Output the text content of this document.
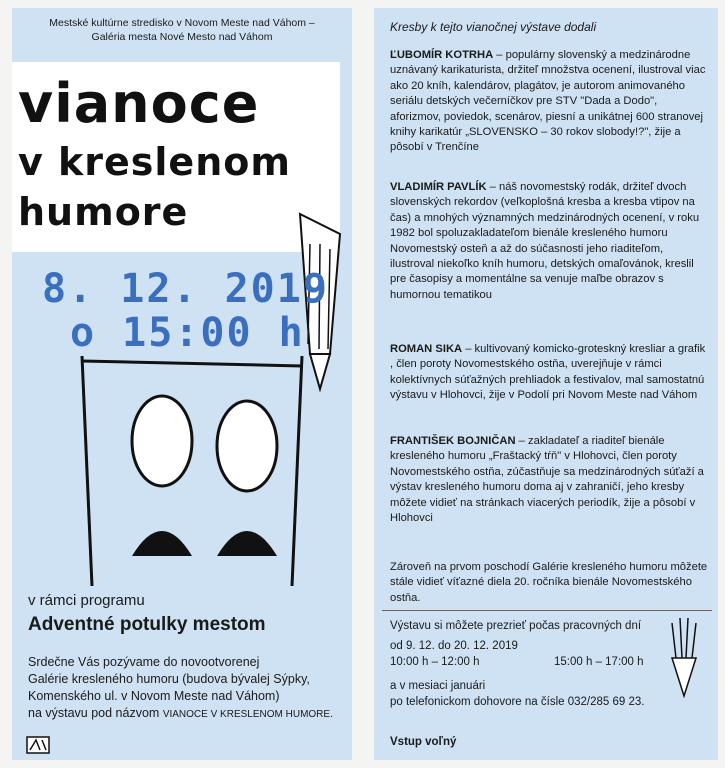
Mestské kultúrne stredisko v Novom Meste nad Váhom –
Galéria mesta Nové Mesto nad Váhom
vianoce
v kreslenom
humore
8. 12. 2019
o 15:00 h
v rámci programu
Adventné potulky mestom
Srdečne Vás pozývame do novootvorenej
Galérie kresleného humoru (budova bývalej Sýpky,
Komenského ul. v Novom Meste nad Váhom)
na výstavu pod názvom VIANOCE V KRESLENOM HUMORE.
Kresby k tejto vianočnej výstave dodali
ĽUBOMÍR KOTRHA – populárny slovenský a medzinárodne uznávaný karikaturista, držiteľ množstva ocenení, ilustroval viac ako 20 kníh, kalendárov, plagátov, je autorom animovaného seriálu detských večerníčkov pre STV "Dada a Dodo", aforizmov, poviedok, scenárov, piesní a unikátnej 600 stranovej knihy karikatúr „SLOVENSKO – 30 rokov slobody!?", žije a pôsobí v Trenčíne
VLADIMÍR PAVLÍK – náš novomestský rodák, držiteľ dvoch slovenských rekordov (veľkoplošná kresba a kresba vtipov na čas) a mnohých významných medzinárodných ocenení, v roku 1982 bol spoluzakladateľom bienále kresleného humoru Novomestský osteň a až do súčasnosti jeho riaditeľom, ilustroval niekoľko kníh humoru, detských omaľovánok, kreslil pre časopisy a momentálne sa venuje maľbe obrazov s humornou tematikou
ROMAN SIKA – kultivovaný komicko-groteskný kresliar a grafik , člen poroty Novomestského ostňa, uverejňuje v rámci kolektívnych súťažných prehliadok a festivalov, mal samostatnú výstavu v Hlohovci, žije v Podolí pri Novom Meste nad Váhom
FRANTIŠEK BOJNIČAN – zakladateľ a riaditeľ bienále kresleného humoru „Fraštacký tŕň" v Hlohovci, člen poroty Novomestského ostňa, zúčastňuje sa medzinárodných súťaží a výstav kresleného humoru doma aj v zahraničí, jeho kresby môžete vidieť na stránkach viacerých periodík, žije a pôsobí v Hlohovci
Zároveň na prvom poschodí Galérie kresleného humoru môžete stále vidieť víťazné diela 20. ročníka bienále Novomestského ostňa.
Výstavu si môžete prezrieť počas pracovných dní
od 9. 12. do 20. 12. 2019
10:00 h – 12:00 h	15:00 h – 17:00 h
a v mesiaci januári
po telefonickom dohovore na čísle 032/285 69 23.
Vstup voľný
